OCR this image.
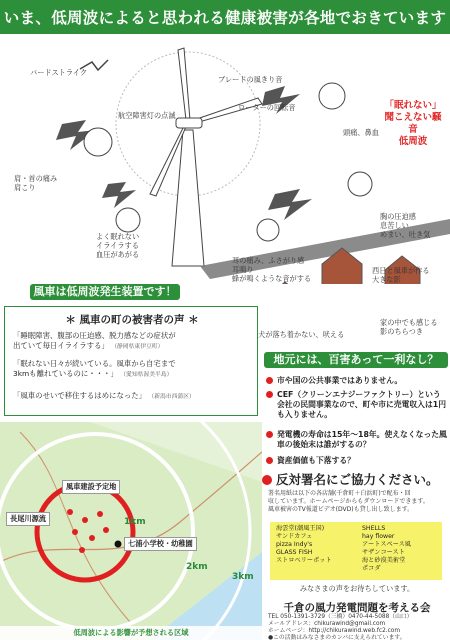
いま、低周波によると思われる健康被害が各地でおきています
バードストライク
航空障害灯の点滅
ブレードの風きり音
ローターの回転音
頭痛、鼻血
肩・首の痛み
肩こり
胸の圧迫感
息苦しい
めまい、吐き気
よく眠れない
イライラする
血圧があがる
耳の痛み、ふさがり感
耳鳴り
蜂が鳴くような音がする
西日と風車が作る
大きな影
犬が落ち着かない、吠える
家の中でも感じる
影のちらつき
「眠れない」
聞こえない騒音
低周波
風車は低周波発生装置です！
＊ 風車の町の被害者の声 ＊
「睡眠障害、腹部の圧迫感、脱力感などの症状が
出ていて毎日イライラする」 （静岡県東伊豆町）
「眠れない日々が続いている。風車から自宅まで
3kmも離れているのに・・・」 （愛知県渥美半島）
「風車のせいで移住するはめになった」 （新潟市西蒲区）
地元には、百害あって一利なし？
市や国の公共事業ではありません。
CEF（クリーンエナジーファクトリー）という会社の民間事業なので、町や市に売電収入は1円も入りません。
発電機の寿命は15年〜18年。使えなくなった風車の後始末は誰がするの？
資産価値も下落する？
風車建設予定地
長尾川源流
七浦小学校・幼稚園
1km
2km
3km
低周波による影響が予想される区域
反対署名にご協力ください。
署名用紙は以下の各店舗(千倉町＋白浜町)で配布・回
収しています。ホームページからもダウンロードできます。
風車被害のTV報道ビデオ(DVD)も貸し出し致します。
海雲堂(潮風王国)
サンドカフェ
pizza Indy's
GLASS FISH
ストロベリーポット
SHELLS
hay flower
アートスペース風
サザンコースト
海と砂漠美術堂
ポコダ
みなさまの声をお待ちしています。
千倉の風力発電問題を考える会
TEL 050-1391-3729（三橋）0470-44-5088（山口）
メールアドレス：chikurawind@gmail.com
ホームページ：http://chikurawind.web.fc2.com
●この活動はみなさまのカンパに支えられています。
